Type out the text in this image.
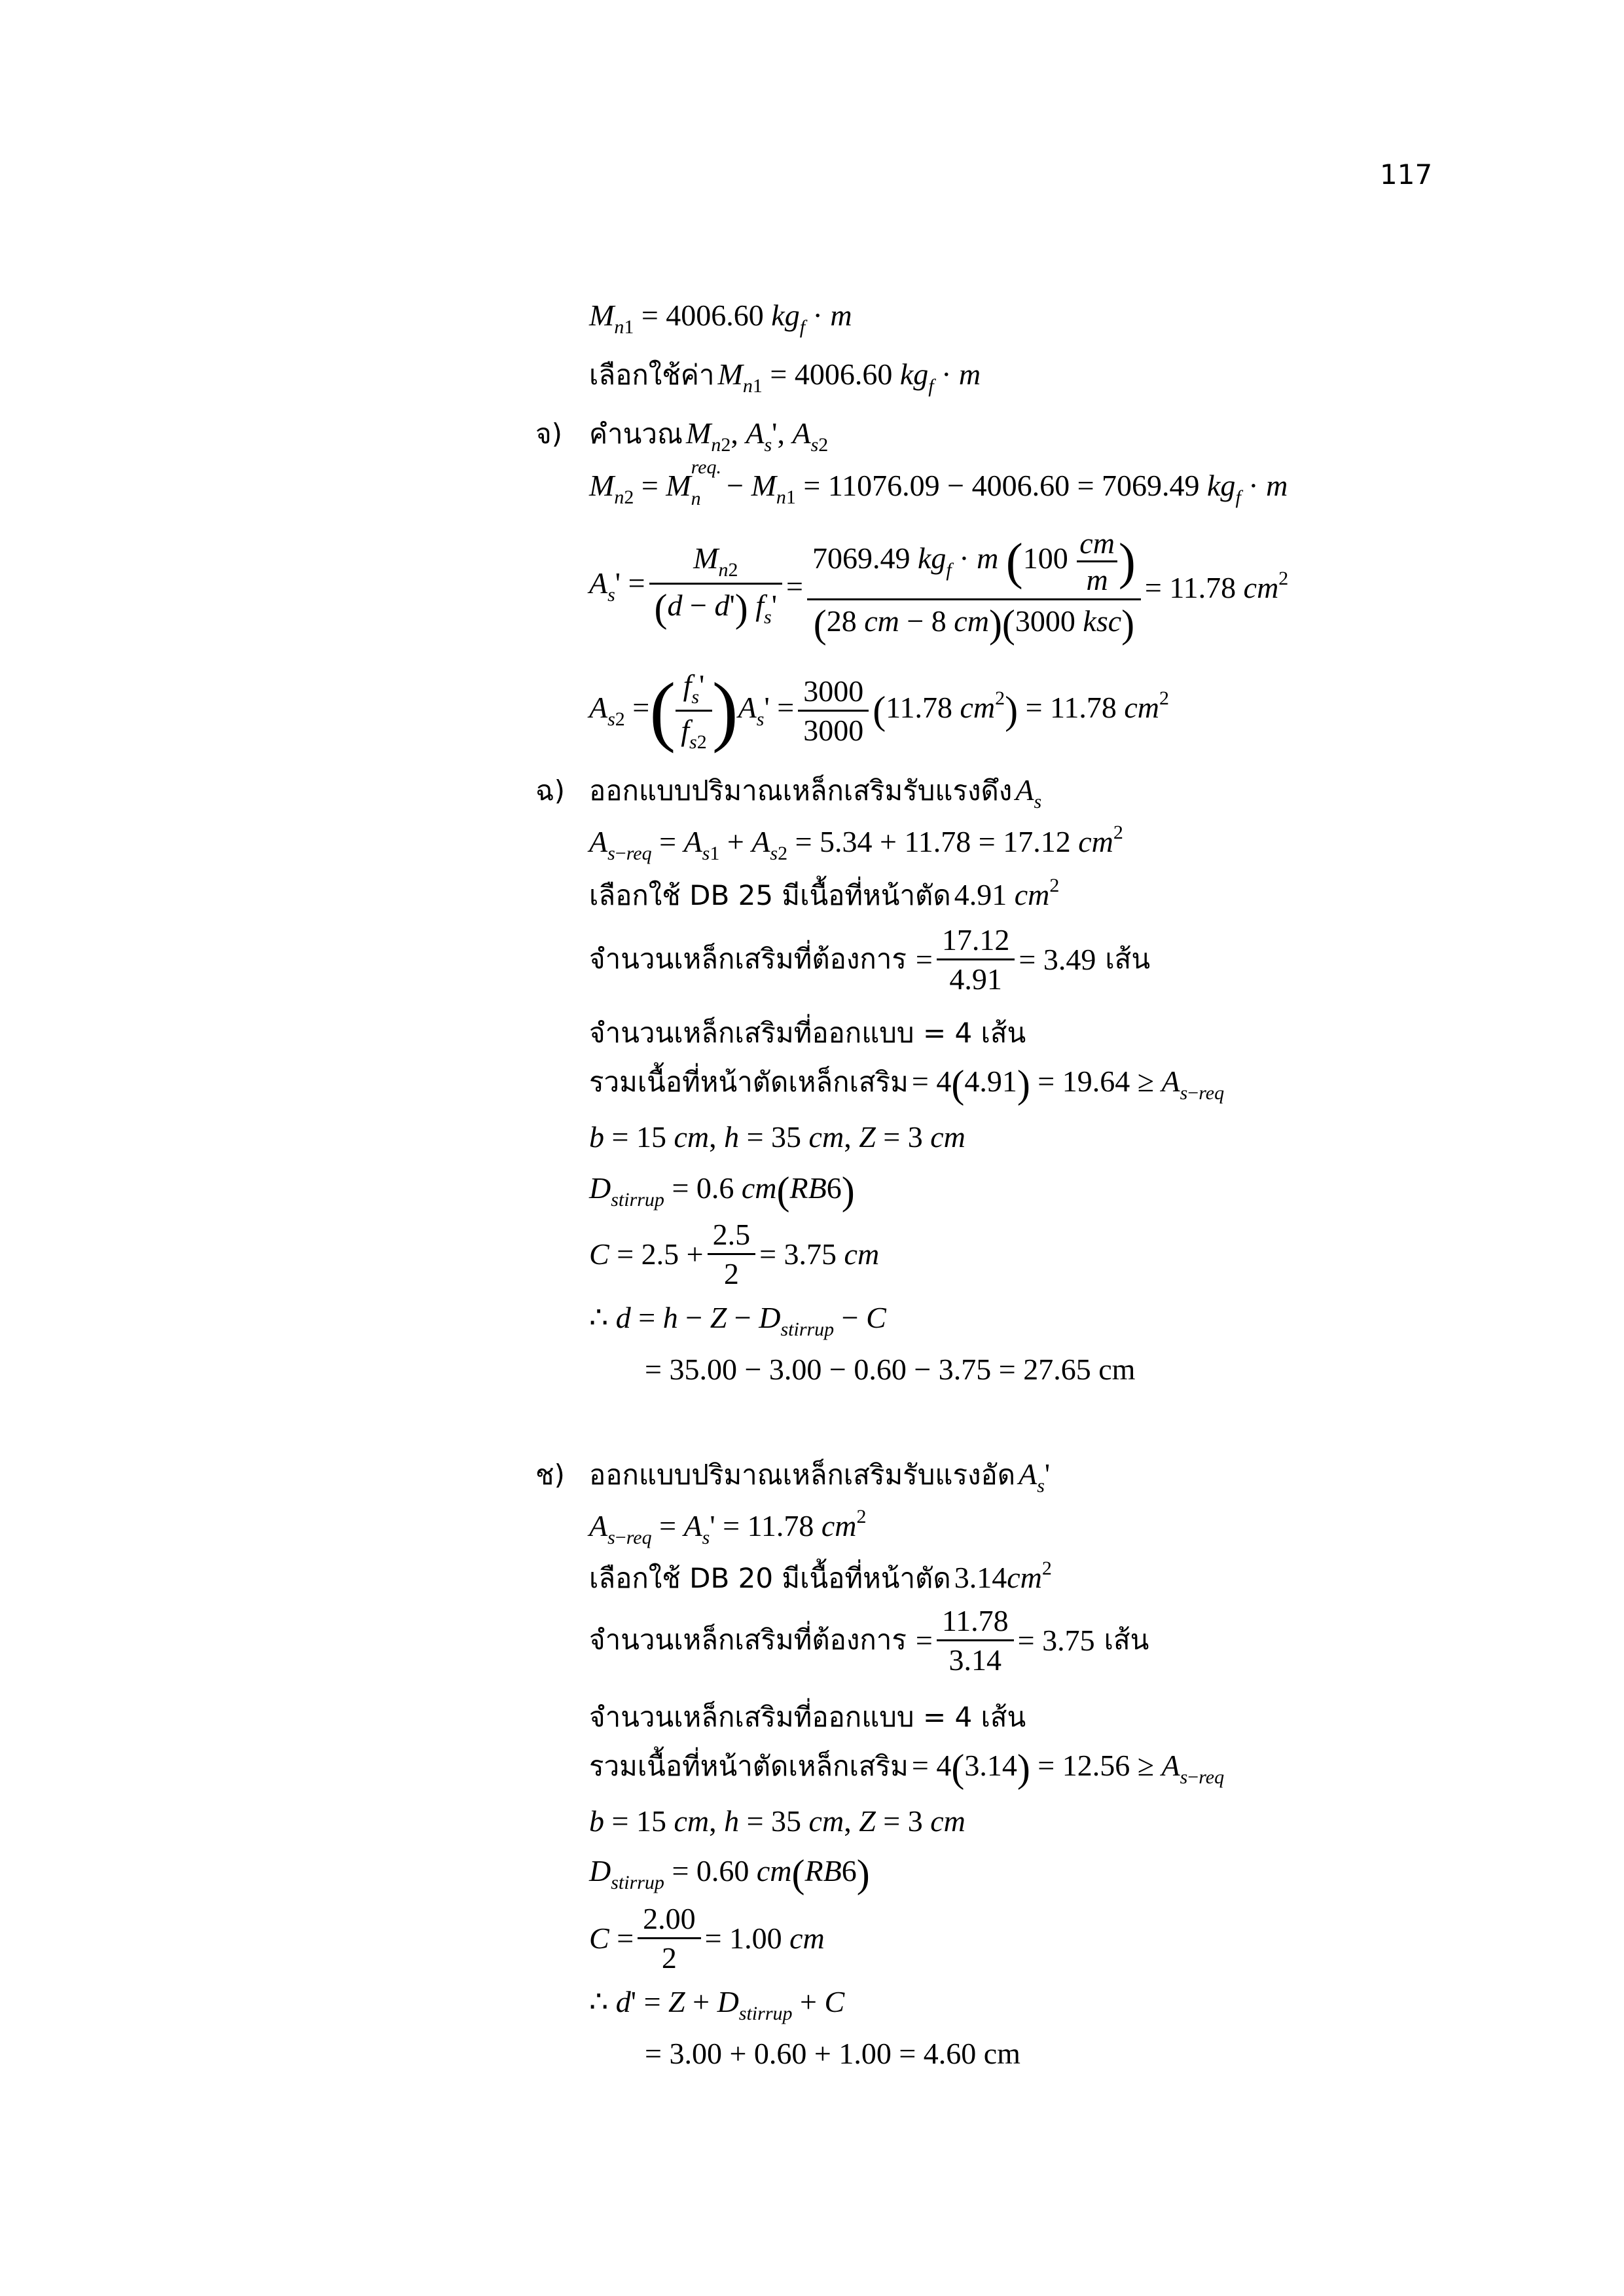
117
$M_{n1} = 4006.60$ $kg_f \cdot m$
เลือกใช้ค่า $M_{n1} = 4006.60$ $kg_f \cdot m$
จ) คำนวณ $M_{n2}$, $A_s'$, $A_{s2}$
$M_{n2} = M$
req.
$_n - M_{n1} = 11076.09 - 4006.60 = 7069.49$ $kg_f \cdot m$
$A_s' = \frac{M_{n2}}{(d - d') f_s'} = \frac{7069.49 kg_f \cdot m (100 \frac{cm}{m} )}{\text{(28 cm − 8 cm)(3000 ksc)}} = 11.78$ $cm^2$
$A_{s2}$ = ( $\frac{f_s'}{f_{s2}}$ ) $A_s' = \frac{3000}{3000} (11.78$ $cm^2) = 11.78$ $cm^2$
ฉ) ออกแบบปริมาณเหล็กเสริมรับแรงดึง $A_s$
$A_{s-req} = A_{s1} + A_{s2} = 5.34 + 11.78 = 17.12$ $cm^2$
เลือกใช้ DB 25 มีเนื้อที่หน้าตัด 4.91 $cm^2$
จำนวนเหล็กเสริมที่ต้องการ = $\frac{17.12}{4.91} = 3.49$ เส้น
จำนวนเหล็กเสริมที่ออกแบบ = 4 เส้น
รวมเนื้อที่หน้าตัดเหล็กเสริม = $4(4.91) = 19.64 \ge A_{s-req}$
b = 15 cm, h = 35 cm, Z = 3 cm
$D_{stirrup} = 0.6$ cm(RB6)
$C = 2.5 + \frac{2.5}{2} = 3.75$ cm
∴ $d = h - Z - D_{stirrup} - C$
= 35.00 − 3.00 − 0.60 − 3.75 = 27.65 cm
ช) ออกแบบปริมาณเหล็กเสริมรับแรงอัด $A_s'$
$A_{s-req} = A_s' = 11.78$ $cm^2$
เลือกใช้ DB 20 มีเนื้อที่หน้าตัด $3.14cm^2$
จำนวนเหล็กเสริมที่ต้องการ = $\frac{11.78}{3.14} = 3.75$ เส้น
จำนวนเหล็กเสริมที่ออกแบบ = 4 เส้น
รวมเนื้อที่หน้าตัดเหล็กเสริม = $4(3.14) = 12.56 \ge A_{s-req}$
b = 15 cm, h = 35 cm, Z = 3 cm
$D_{stirrup} = 0.60$ cm(RB6)
$C = \frac{2.00}{2} = 1.00$ cm
∴ $d' = Z + D_{stirrup} + C$
= 3.00 + 0.60 + 1.00 = 4.60 cm
